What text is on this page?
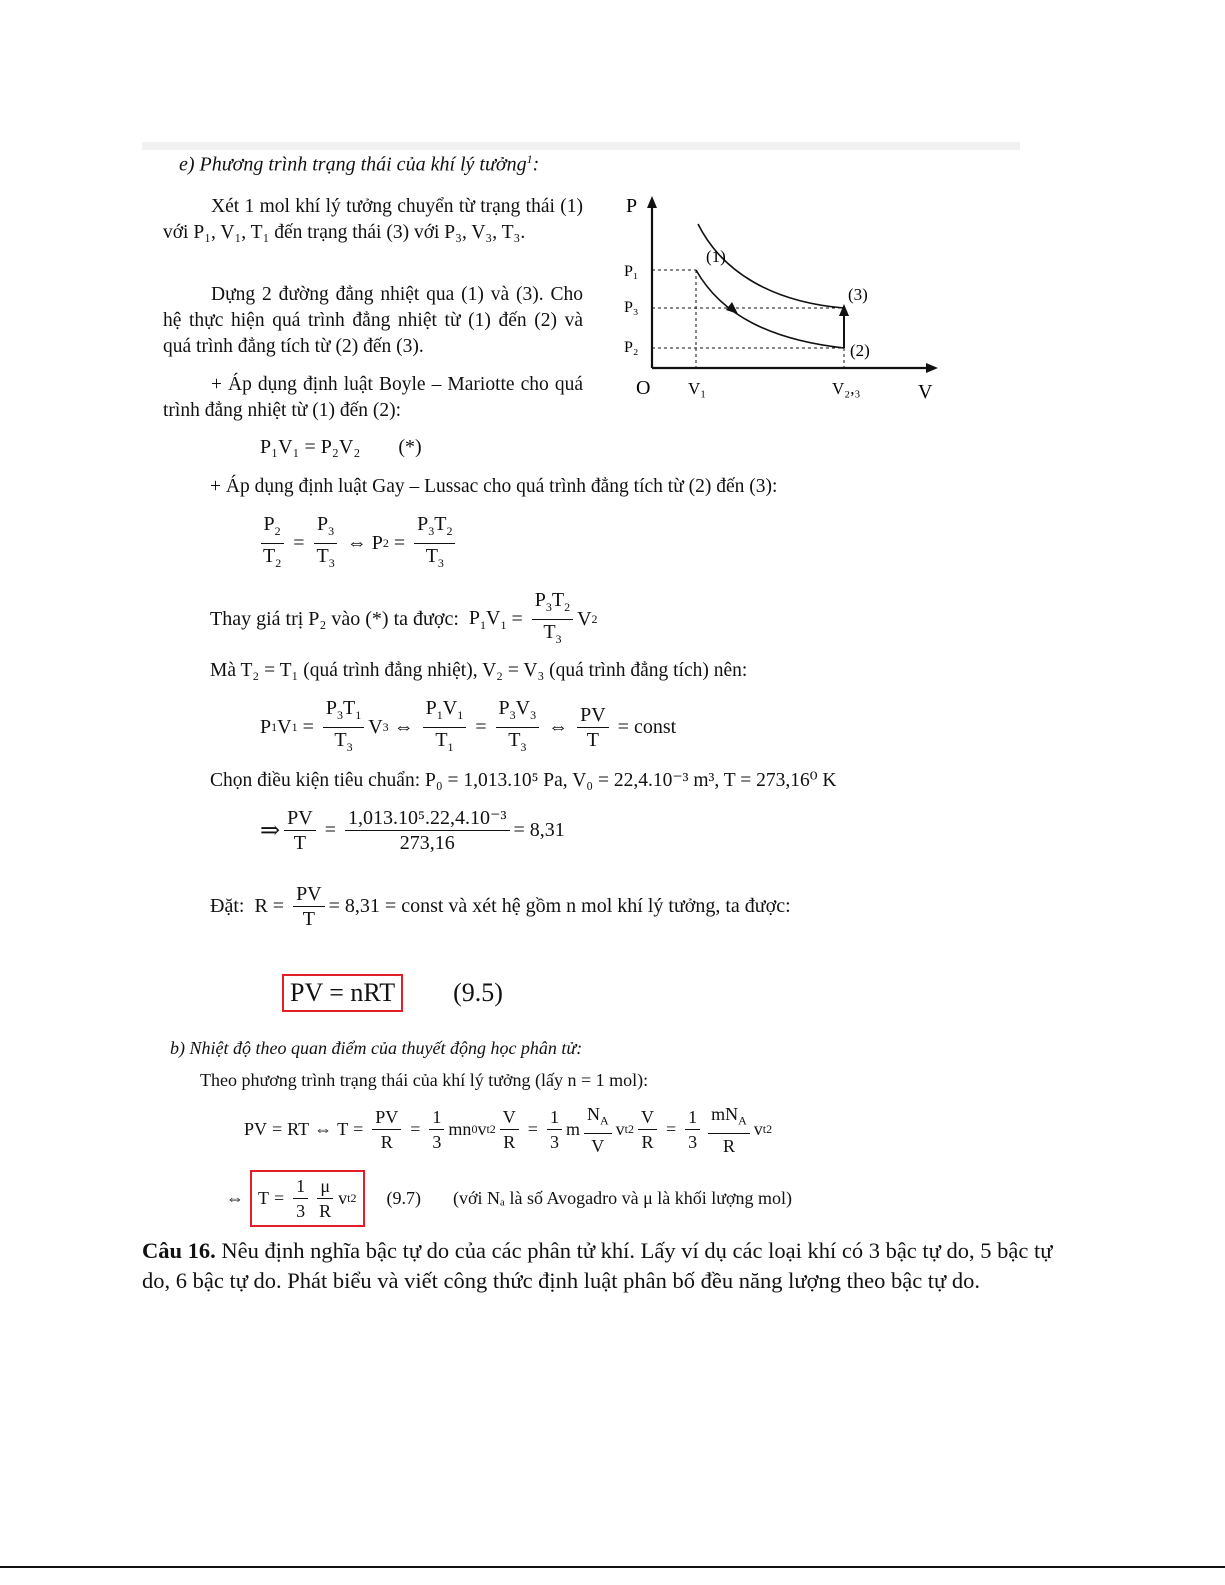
e) Phương trình trạng thái của khí lý tưởng$^1$:
Xét 1 mol khí lý tưởng chuyển từ trạng thái (1) với P₁, V₁, T₁ đến trạng thái (3) với P₃, V₃, T₃.
Dựng 2 đường đẳng nhiệt qua (1) và (3). Cho hệ thực hiện quá trình đẳng nhiệt từ (1) đến (2) và quá trình đẳng tích từ (2) đến (3).
+ Áp dụng định luật Boyle – Mariotte cho quá trình đẳng nhiệt từ (1) đến (2):
P
P₁
P₃
P₂
O V₁	V₂,₃	V
(1)
(3)
(2)
P₁V₁ = P₂V₂ (*)
+ Áp dụng định luật Gay – Lussac cho quá trình đẳng tích từ (2) đến (3):
$\frac{P_2}{T_2} = \frac{P_3}{T_3}$ ⇔ P $2 = \frac{P_3T_2}{T_3}$
Thay giá trị P₂ vào (*) ta được: $P_1V_1 = \frac{P_3T_2}{T_3}$ V 2
Mà T₂ = T₁ (quá trình đẳng nhiệt), V₂ = V₃ (quá trình đẳng tích) nên:
P 1 V $1 = \frac{P_3T_1}{T_3}$ V 3 ⇔ $\frac{P_1V_1}{T_1} = \frac{P_3V_3}{T_3}$ ⇔ $\frac{PV}{T}$ = const
Chọn điều kiện tiêu chuẩn: P₀ = 1,013.10⁵ Pa, V₀ = 22,4.10⁻³ m³, T = 273,16⁰ K
⇒ $\frac{PV}{T} = \frac{\text{1,013.10⁵.22,4.10⁻³}}{273,16} = 8,31$
Đặt: $R = \frac{PV}{T} = 8,31$ = const và xét hệ gồm n mol khí lý tưởng, ta được:
PV = nRT	(9.5)
b) Nhiệt độ theo quan điểm của thuyết động học phân tử:
Theo phương trình trạng thái của khí lý tưởng (lấy n = 1 mol):
PV = RT ⇔ $T = \frac{PV}{R} = \frac{1}{3}$ mn 0 v t $2 \frac{V}{R} = \frac{1}{3}$ m $\frac{N_A}{V}$ v t $2 \frac{V}{R} = \frac{1}{3} \frac{mN_A}{R}$ v t 2
⇔ $T = \frac{1}{3} \frac{\mu}{R}$ v t 2 (9.7) (với Nₐ là số Avogadro và μ là khối lượng mol)
Câu 16. Nêu định nghĩa bậc tự do của các phân tử khí. Lấy ví dụ các loại khí có 3 bậc tự do, 5 bậc tự do, 6 bậc tự do. Phát biểu và viết công thức định luật phân bố đều năng lượng theo bậc tự do.
